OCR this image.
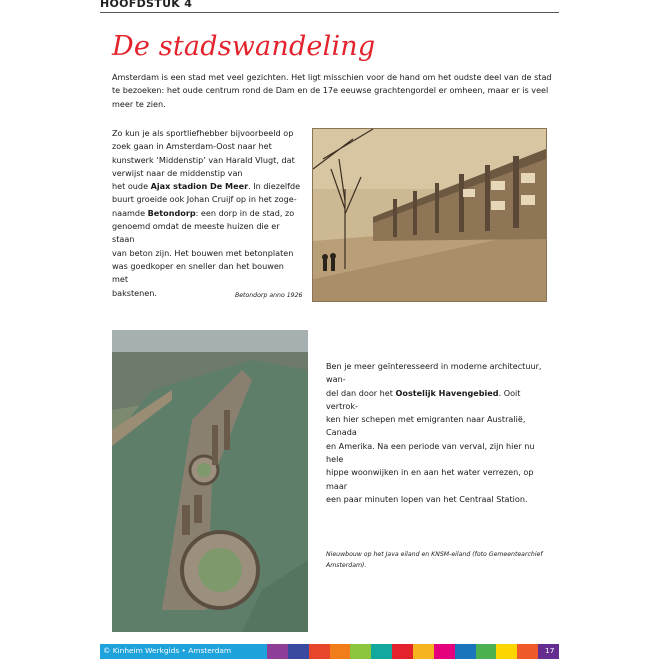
HOOFDSTUK 4
De stadswandeling
Amsterdam is een stad met veel gezichten. Het ligt misschien voor de hand om het oudste deel van de stad te bezoeken: het oude centrum rond de Dam en de 17e eeuwse grachtengordel er omheen, maar er is veel meer te zien.
Zo kun je als sportliefhebber bijvoorbeeld op
zoek gaan in Amsterdam-Oost naar het
kunstwerk ‘Middenstip’ van Harald Vlugt, dat
verwijst naar de middenstip van
het oude Ajax stadion De Meer. In diezelfde
buurt groeide ook Johan Cruijf op in het zoge-
naamde Betondorp: een dorp in de stad, zo
genoemd omdat de meeste huizen die er staan
van beton zijn. Het bouwen met betonplaten
was goedkoper en sneller dan het bouwen met
bakstenen.	Betondorp anno 1926
Ben je meer geïnteresseerd in moderne architectuur, wan-
del dan door het Oostelijk Havengebied. Ooit vertrok-
ken hier schepen met emigranten naar Australië, Canada
en Amerika. Na een periode van verval, zijn hier nu hele
hippe woonwijken in en aan het water verrezen, op maar
een paar minuten lopen van het Centraal Station.
Nieuwbouw op het Java eiland en KNSM-eiland (foto Gemeentearchief Amsterdam).
© Kinheim Werkgids • Amsterdam	17
